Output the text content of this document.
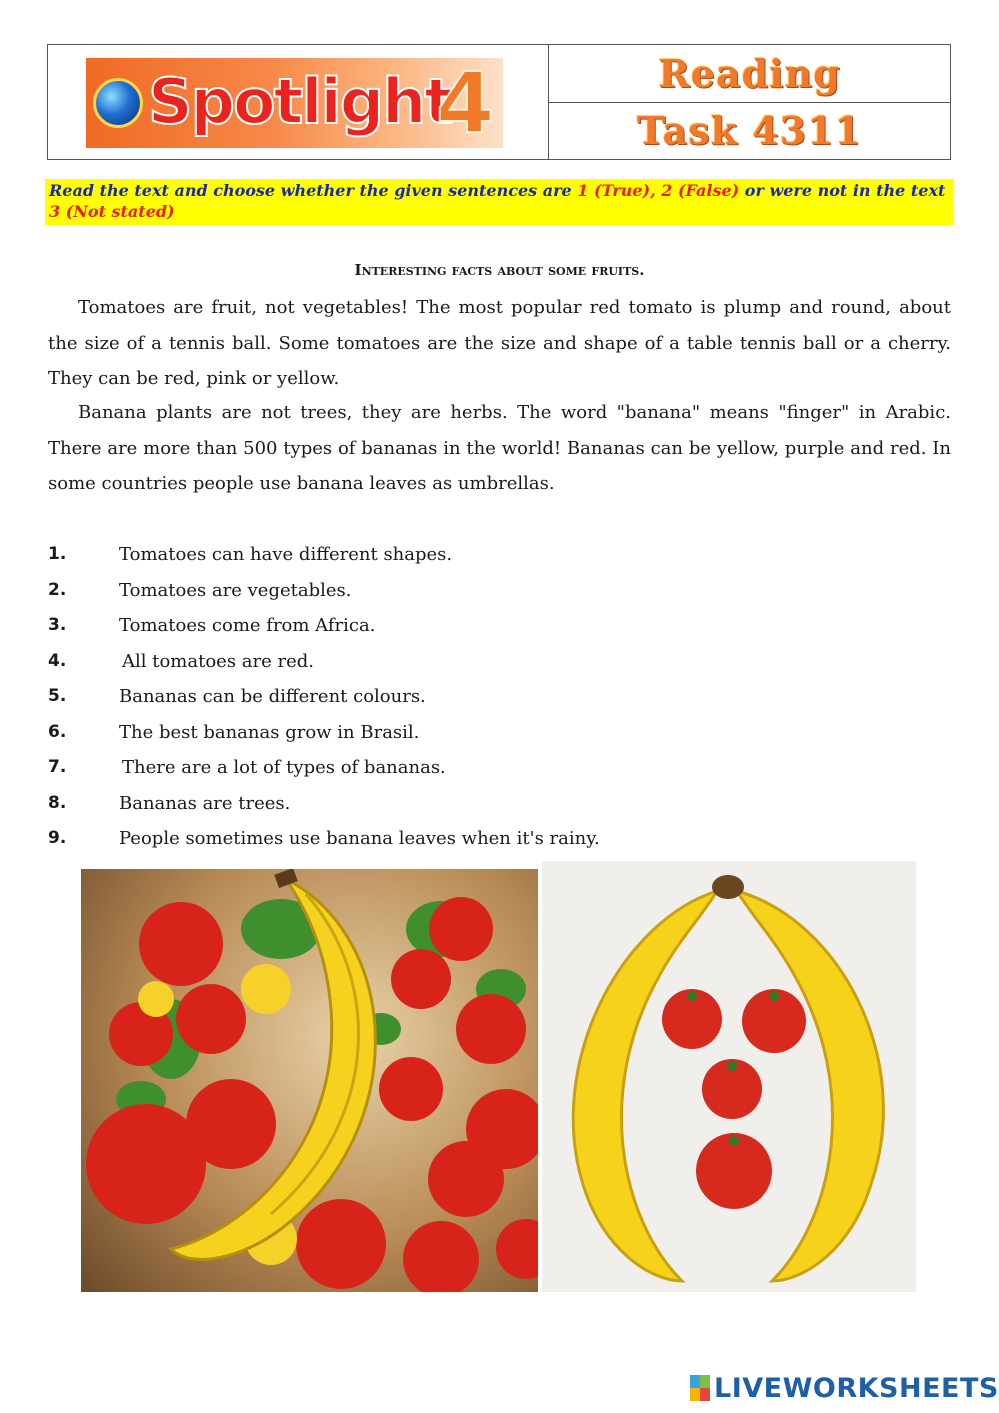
Spotlight
4	Reading
Task 4311
Read the text and choose whether the given sentences are 1 (True), 2 (False) or were not in the text 3 (Not stated)
Interesting facts about some fruits.
Tomatoes are fruit, not vegetables! The most popular red tomato is plump and round, about the size of a tennis ball. Some tomatoes are the size and shape of a table tennis ball or a cherry. They can be red, pink or yellow.
Banana plants are not trees, they are herbs. The word "banana" means "finger" in Arabic. There are more than 500 types of bananas in the world! Bananas can be yellow, purple and red. In some countries people use banana leaves as umbrellas.
1.	Tomatoes can have different shapes.
2.	Tomatoes are vegetables.
3.	Tomatoes come from Africa.
4.	All tomatoes are red.
5.	Bananas can be different colours.
6.	The best bananas grow in Brasil.
7.	There are a lot of types of bananas.
8.	Bananas are trees.
9.	People sometimes use banana leaves when it's rainy.
LIVEWORKSHEETS
